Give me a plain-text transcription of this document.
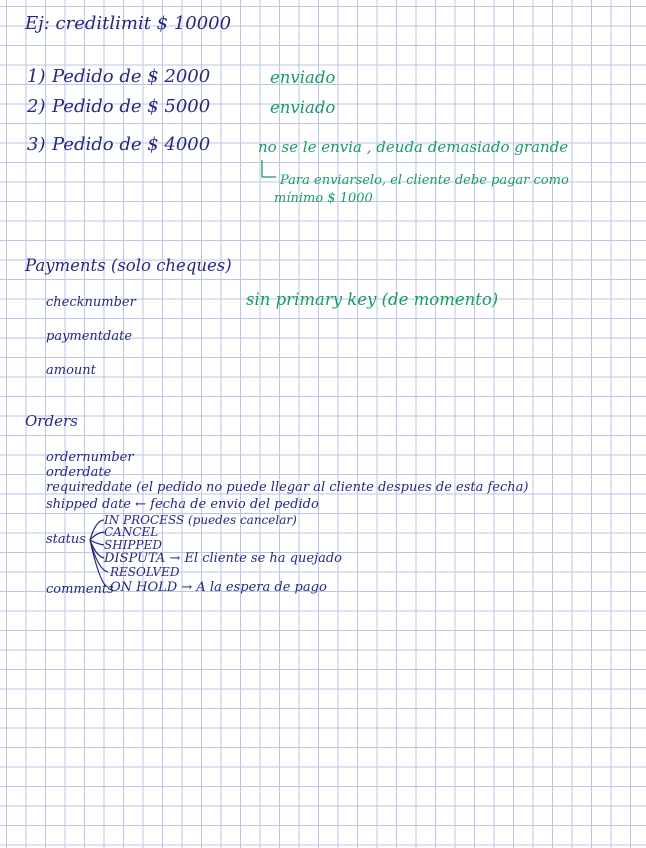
Ej: creditlimit $ 10000
1) Pedido de $ 2000	enviado
2) Pedido de $ 5000	enviado
3) Pedido de $ 4000	no se le envia , deuda demasiado grande
Para enviarselo, el cliente debe pagar como
mínimo $ 1000
Payments (solo cheques)
checknumber	sin primary key (de momento)
paymentdate
amount
Orders
ordernumber
orderdate
requireddate (el pedido no puede llegar al cliente despues de esta fecha)
shipped date ← fecha de envio del pedido
IN PROCESS (puedes cancelar)
status CANCEL
SHIPPED
DISPUTA → El cliente se ha quejado
RESOLVED
comments
ON HOLD → A la espera de pago
